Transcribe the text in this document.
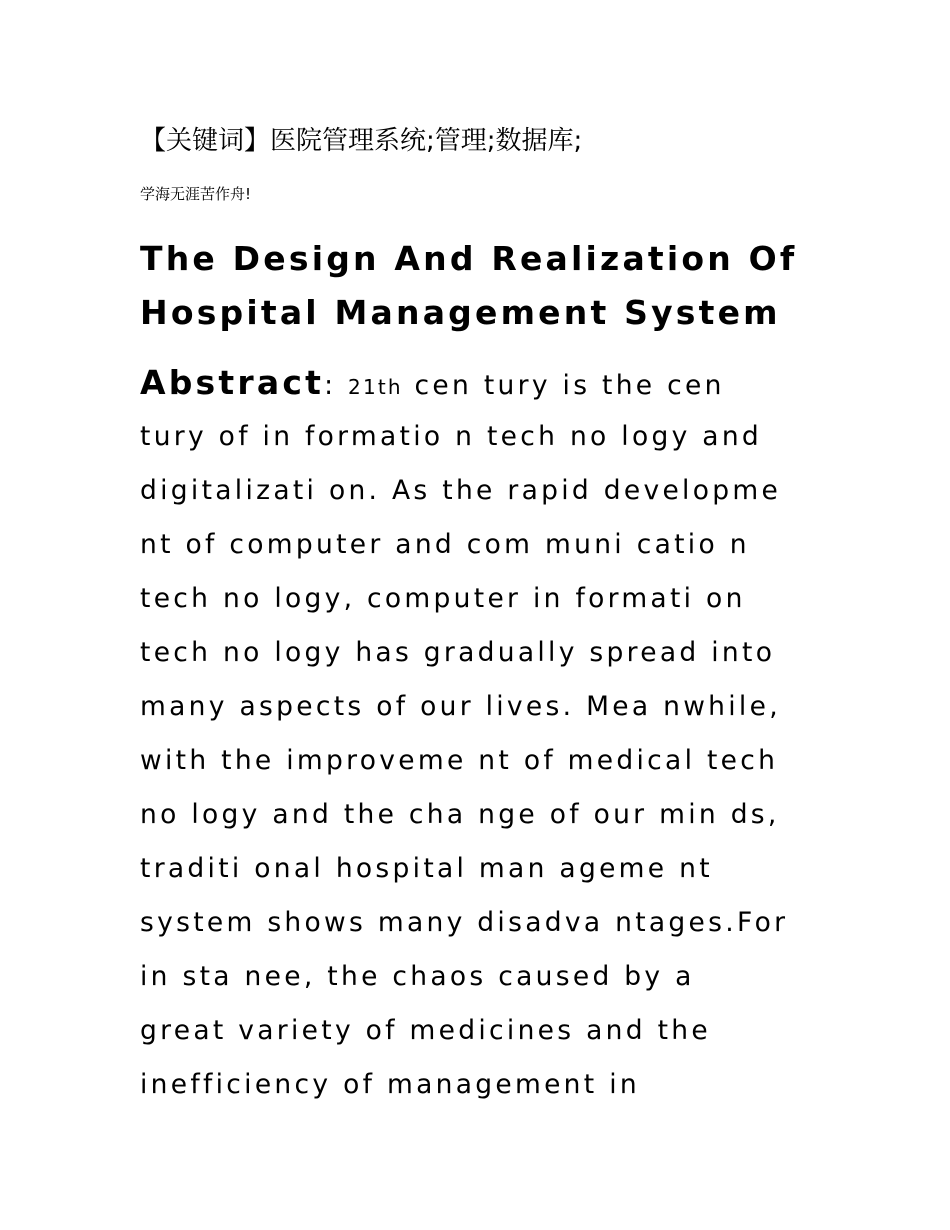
【关键词】医院管理系统;管理;数据库;
学海无涯苦作舟!
The Design And Realization Of
Hospital Management System
Abstract: 21th cen tury is the cen
tury of in formatio n tech no logy and
digitalizati on. As the rapid developme
nt of computer and com muni catio n
tech no logy, computer in formati on
tech no logy has gradually spread into
many aspects of our lives. Mea nwhile,
with the improveme nt of medical tech
no logy and the cha nge of our min ds,
traditi onal hospital man ageme nt
system shows many disadva ntages.For
in sta nee, the chaos caused by a
great variety of medicines and the
inefficiency of management in
